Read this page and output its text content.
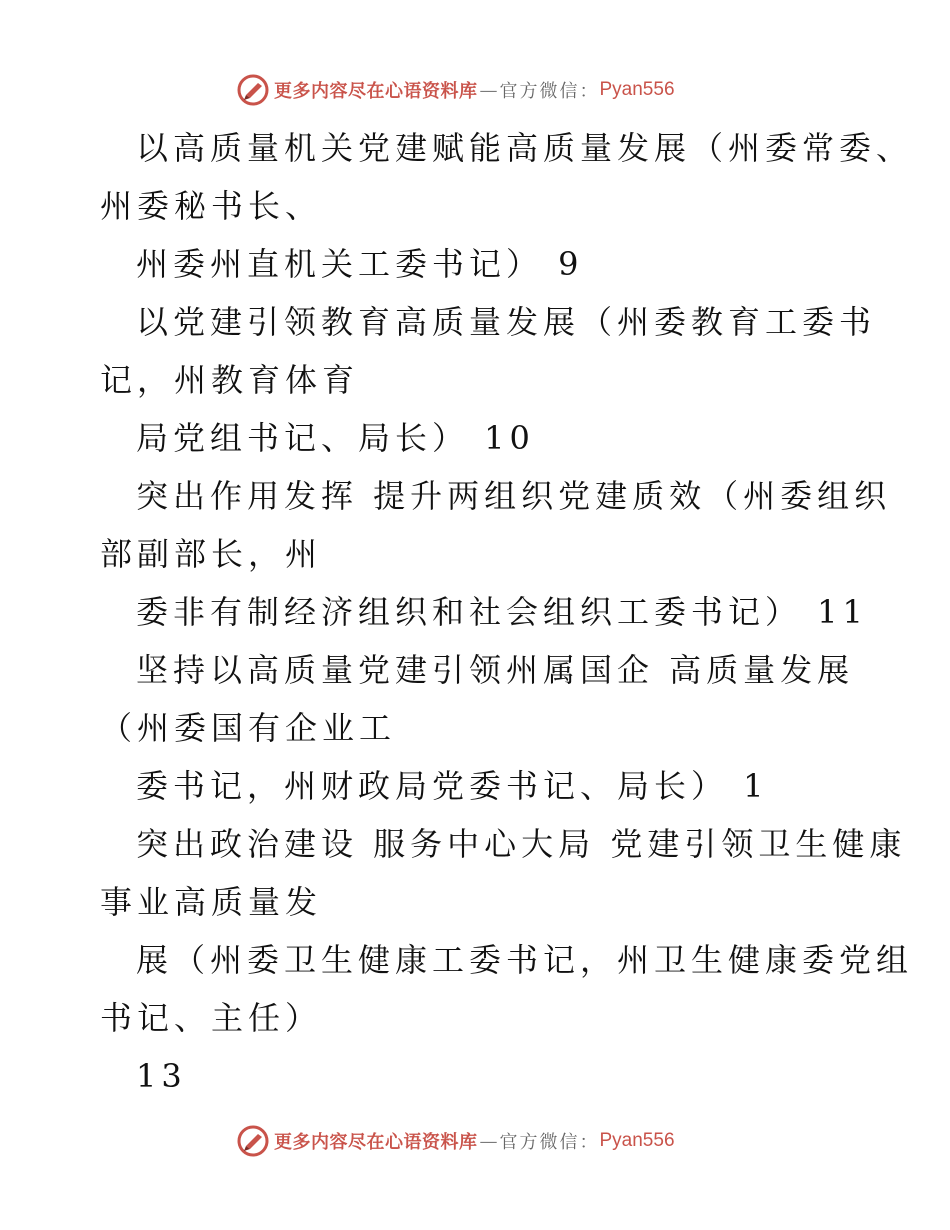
更多内容尽在心语资料库 — 官方微信： Pyan556
以高质量机关党建赋能高质量发展（州委常委、
州委秘书长、
州委州直机关工委书记） 9
以党建引领教育高质量发展（州委教育工委书
记，州教育体育
局党组书记、局长） 10
突出作用发挥 提升两组织党建质效（州委组织
部副部长，州
委非有制经济组织和社会组织工委书记） 11
坚持以高质量党建引领州属国企 高质量发展
（州委国有企业工
委书记，州财政局党委书记、局长） 1
突出政治建设 服务中心大局 党建引领卫生健康
事业高质量发
展（州委卫生健康工委书记，州卫生健康委党组
书记、主任）
13
更多内容尽在心语资料库 — 官方微信： Pyan556
